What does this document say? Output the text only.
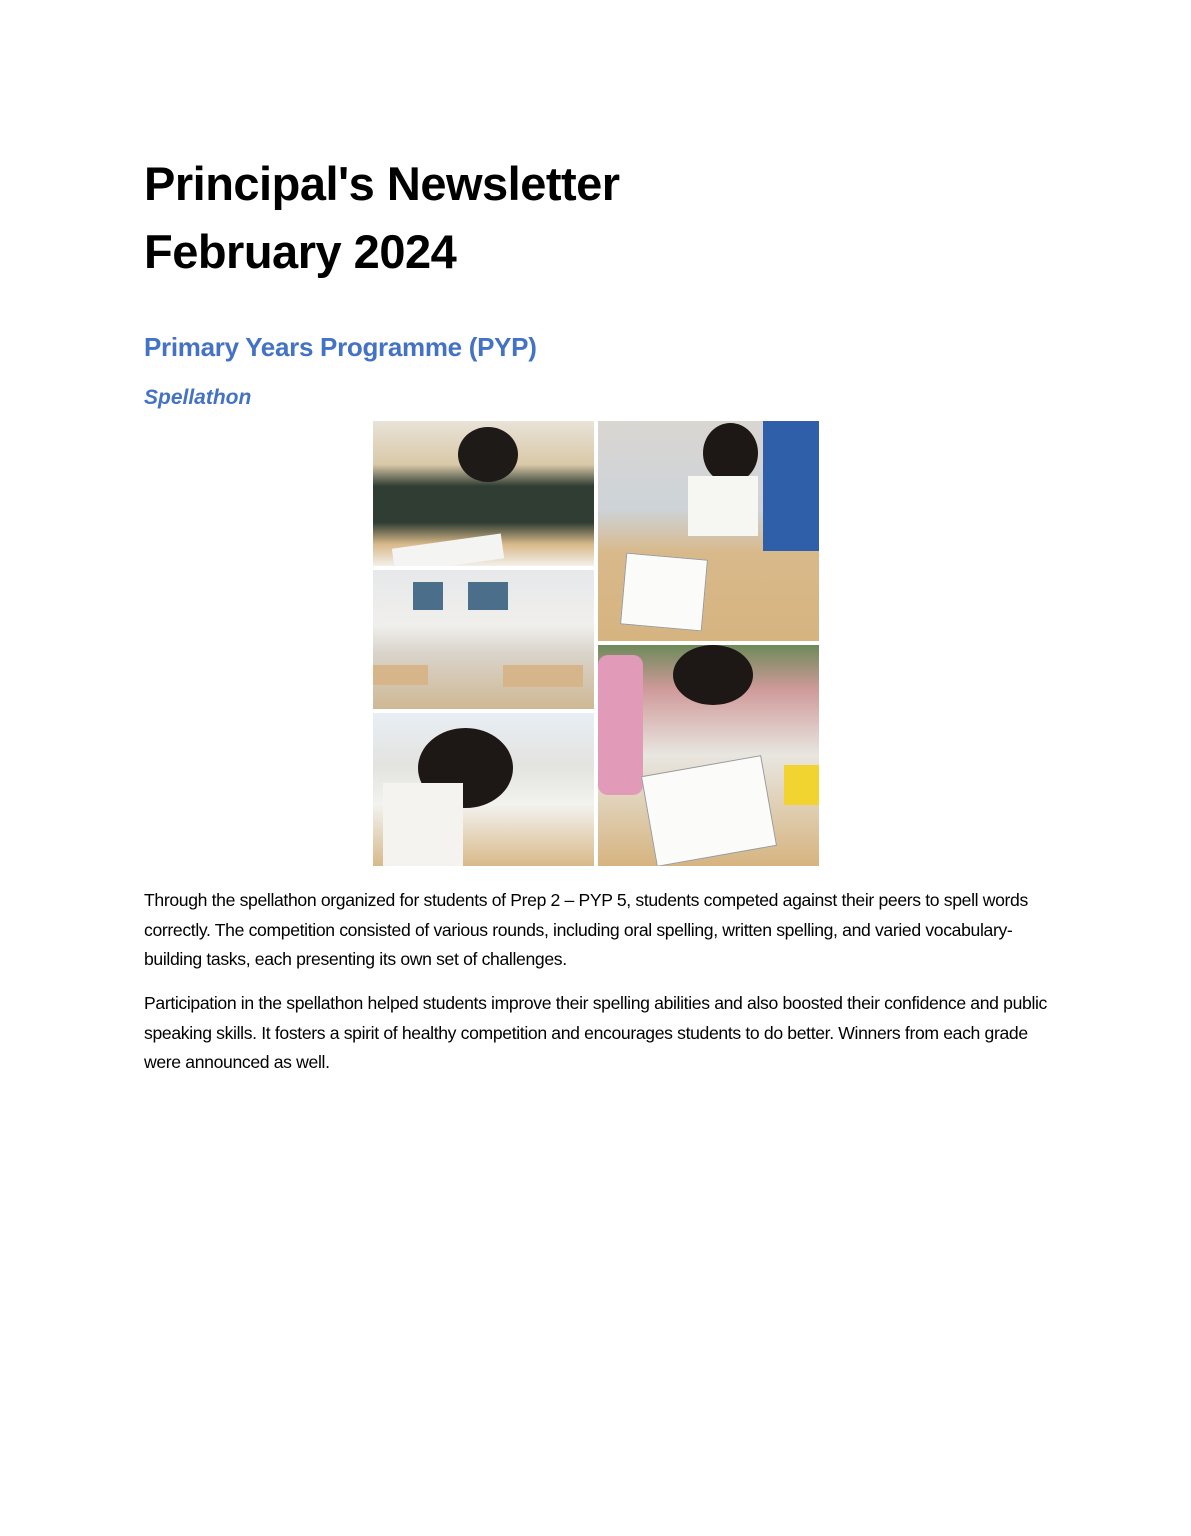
Principal's Newsletter
February 2024
Primary Years Programme (PYP)
Spellathon

Through the spellathon organized for students of Prep 2 – PYP 5, students competed against their peers to spell words correctly. The competition consisted of various rounds, including oral spelling, written spelling, and varied vocabulary-building tasks, each presenting its own set of challenges.

Participation in the spellathon helped students improve their spelling abilities and also boosted their confidence and public speaking skills. It fosters a spirit of healthy competition and encourages students to do better. Winners from each grade were announced as well.
